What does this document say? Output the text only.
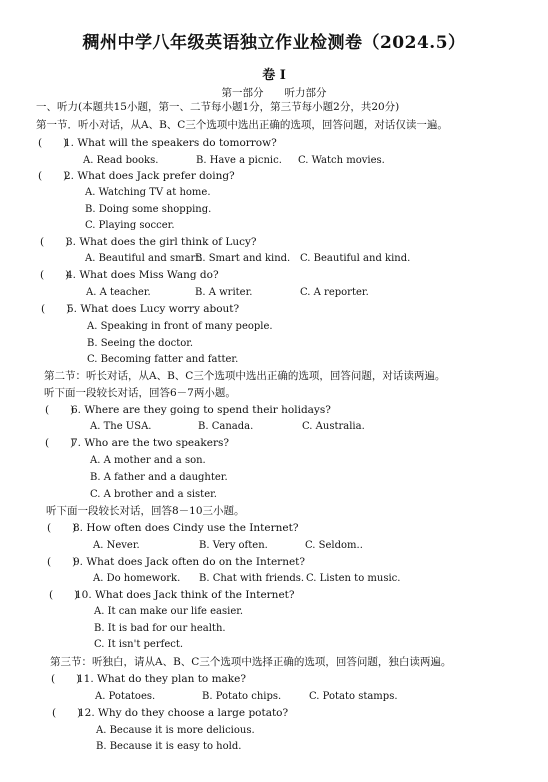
稠州中学八年级英语独立作业检测卷（2024.5）
卷 Ⅰ
第一部分　　听力部分
一、听力(本题共15小题，第一、二节每小题1分，第三节每小题2分，共20分)
第一节．听小对话，从A、B、C三个选项中选出正确的选项，回答问题，对话仅读一遍。
(　　)1. What will the speakers do tomorrow?
A. Read books.	B. Have a picnic. C. Watch movies.
(　　)2. What does Jack prefer doing?
A. Watching TV at home.
B. Doing some shopping.
C. Playing soccer.
(　　)3. What does the girl think of Lucy?
A. Beautiful and smart.
B. Smart and kind. C. Beautiful and kind.
(　　)4. What does Miss Wang do?
A. A teacher.	B. A writer.	C. A reporter.
(　　)5. What does Lucy worry about?
A. Speaking in front of many people.
B. Seeing the doctor.
C. Becoming fatter and fatter.
第二节：听长对话，从A、B、C三个选项中选出正确的选项，回答问题，对话读两遍。
听下面一段较长对话，回答6－7两小题。
(　　)6. Where are they going to spend their holidays?
A. The USA.	B. Canada.	C. Australia.
(　　)7. Who are the two speakers?
A. A mother and a son.
B. A father and a daughter.
C. A brother and a sister.
听下面一段较长对话，回答8－10三小题。
(　　)8. How often does Cindy use the Internet?
A. Never.	B. Very often.	C. Seldom..
(　　)9. What does Jack often do on the Internet?
A. Do homework. B. Chat with friends. C. Listen to music.
(　　)10. What does Jack think of the Internet?
A. It can make our life easier.
B. It is bad for our health.
C. It isn't perfect.
第三节：听独白，请从A、B、C三个选项中选择正确的选项，回答问题，独白读两遍。
(　　)11. What do they plan to make?
A. Potatoes.	B. Potato chips.	C. Potato stamps.
(　　)12. Why do they choose a large potato?
A. Because it is more delicious.
B. Because it is easy to hold.
